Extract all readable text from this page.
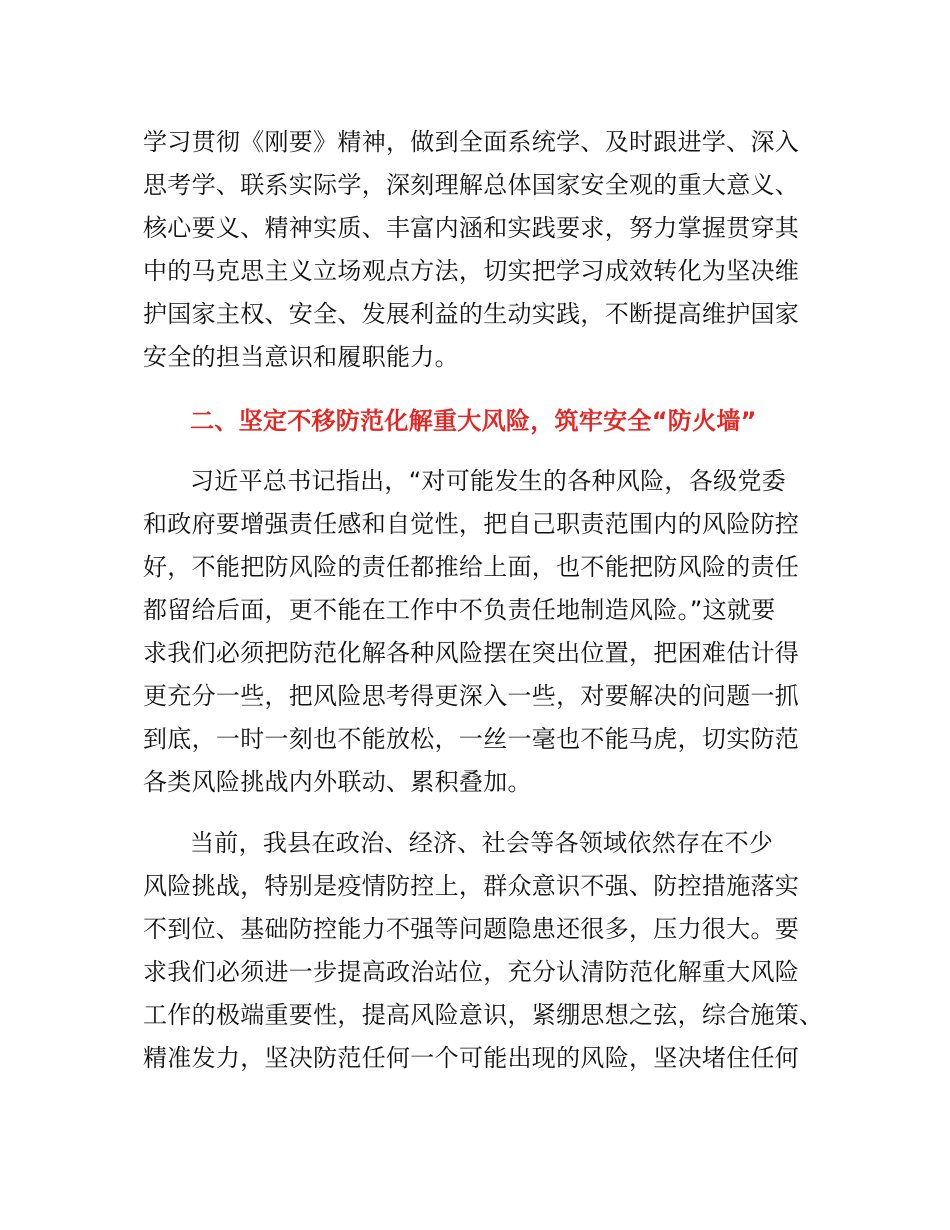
学习贯彻《刚要》精神，做到全面系统学、及时跟进学、深入
思考学、联系实际学，深刻理解总体国家安全观的重大意义、
核心要义、精神实质、丰富内涵和实践要求，努力掌握贯穿其
中的马克思主义立场观点方法，切实把学习成效转化为坚决维
护国家主权、安全、发展利益的生动实践，不断提高维护国家
安全的担当意识和履职能力。
二、坚定不移防范化解重大风险，筑牢安全“防火墙”
习近平总书记指出，“对可能发生的各种风险，各级党委
和政府要增强责任感和自觉性，把自己职责范围内的风险防控
好，不能把防风险的责任都推给上面，也不能把防风险的责任
都留给后面，更不能在工作中不负责任地制造风险。”这就要
求我们必须把防范化解各种风险摆在突出位置，把困难估计得
更充分一些，把风险思考得更深入一些，对要解决的问题一抓
到底，一时一刻也不能放松，一丝一毫也不能马虎，切实防范
各类风险挑战内外联动、累积叠加。
当前，我县在政治、经济、社会等各领域依然存在不少
风险挑战，特别是疫情防控上，群众意识不强、防控措施落实
不到位、基础防控能力不强等问题隐患还很多，压力很大。要
求我们必须进一步提高政治站位，充分认清防范化解重大风险
工作的极端重要性，提高风险意识，紧绷思想之弦，综合施策、
精准发力，坚决防范任何一个可能出现的风险，坚决堵住任何
